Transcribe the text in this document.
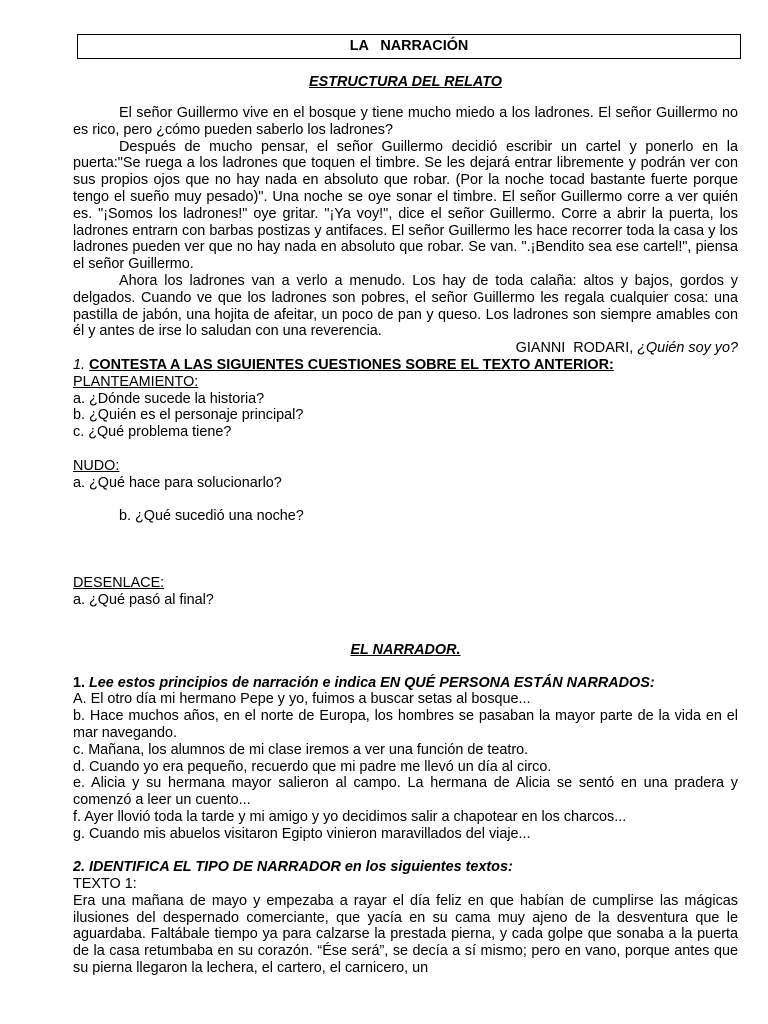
LA   NARRACIÓN
ESTRUCTURA DEL RELATO

El señor Guillermo vive en el bosque y tiene mucho miedo a los ladrones. El señor Guillermo no es rico, pero ¿cómo pueden saberlo los ladrones?

Después de mucho pensar, el señor Guillermo decidió escribir un cartel y ponerlo en la puerta:"Se ruega a los ladrones que toquen el timbre. Se les dejará entrar libremente y podrán ver con sus propios ojos que no hay nada en absoluto que robar. (Por la noche tocad bastante fuerte porque tengo el sueño muy pesado)". Una noche se oye sonar el timbre. El señor Guillermo corre a ver quién es. "¡Somos los ladrones!" oye gritar. "¡Ya voy!", dice el señor Guillermo. Corre a abrir la puerta, los ladrones entrarn con barbas postizas y antifaces. El señor Guillermo les hace recorrer toda la casa y los ladrones pueden ver que no hay nada en absoluto que robar. Se van. ".¡Bendito sea ese cartel!", piensa el señor Guillermo.

Ahora los ladrones van a verlo a menudo. Los hay de toda calaña: altos y bajos, gordos y delgados. Cuando ve que los ladrones son pobres, el señor Guillermo les regala cualquier cosa: una pastilla de jabón, una hojita de afeitar, un poco de pan y queso. Los ladrones son siempre amables con él y antes de irse lo saludan con una reverencia.

GIANNI  RODARI, ¿Quién soy yo?
1. CONTESTA A LAS SIGUIENTES CUESTIONES SOBRE EL TEXTO ANTERIOR:
PLANTEAMIENTO:
a. ¿Dónde sucede la historia?
b. ¿Quién es el personaje principal?
c. ¿Qué problema tiene?
NUDO:
a. ¿Qué hace para solucionarlo?
b. ¿Qué sucedió una noche?
DESENLACE:
a. ¿Qué pasó al final?
EL NARRADOR.
1. Lee estos principios de narración e indica EN QUÉ PERSONA ESTÁN NARRADOS:
A. El otro día mi hermano Pepe y yo, fuimos a buscar setas al bosque...
b. Hace muchos años, en el norte de Europa, los hombres se pasaban la mayor parte de la vida en el mar navegando.
c. Mañana, los alumnos de mi clase iremos a ver una función de teatro.
d. Cuando yo era pequeño, recuerdo que mi padre me llevó un día al circo.
e. Alicia y su hermana mayor salieron al campo. La hermana de Alicia se sentó en una pradera y comenzó a leer un cuento...
f. Ayer llovió toda la tarde y mi amigo y yo decidimos salir a chapotear en los charcos...
g. Cuando mis abuelos visitaron Egipto vinieron maravillados del viaje...
2. IDENTIFICA EL TIPO DE NARRADOR en los siguientes textos:
TEXTO 1:

Era una mañana de mayo y empezaba a rayar el día feliz en que habían de cumplirse las mágicas ilusiones del despernado comerciante, que yacía en su cama muy ajeno de la desventura que le aguardaba. Faltábale tiempo ya para calzarse la prestada pierna, y cada golpe que sonaba a la puerta de la casa retumbaba en su corazón. “Ése será”, se decía a sí mismo; pero en vano, porque antes que su pierna llegaron la lechera, el cartero, el carnicero, un
